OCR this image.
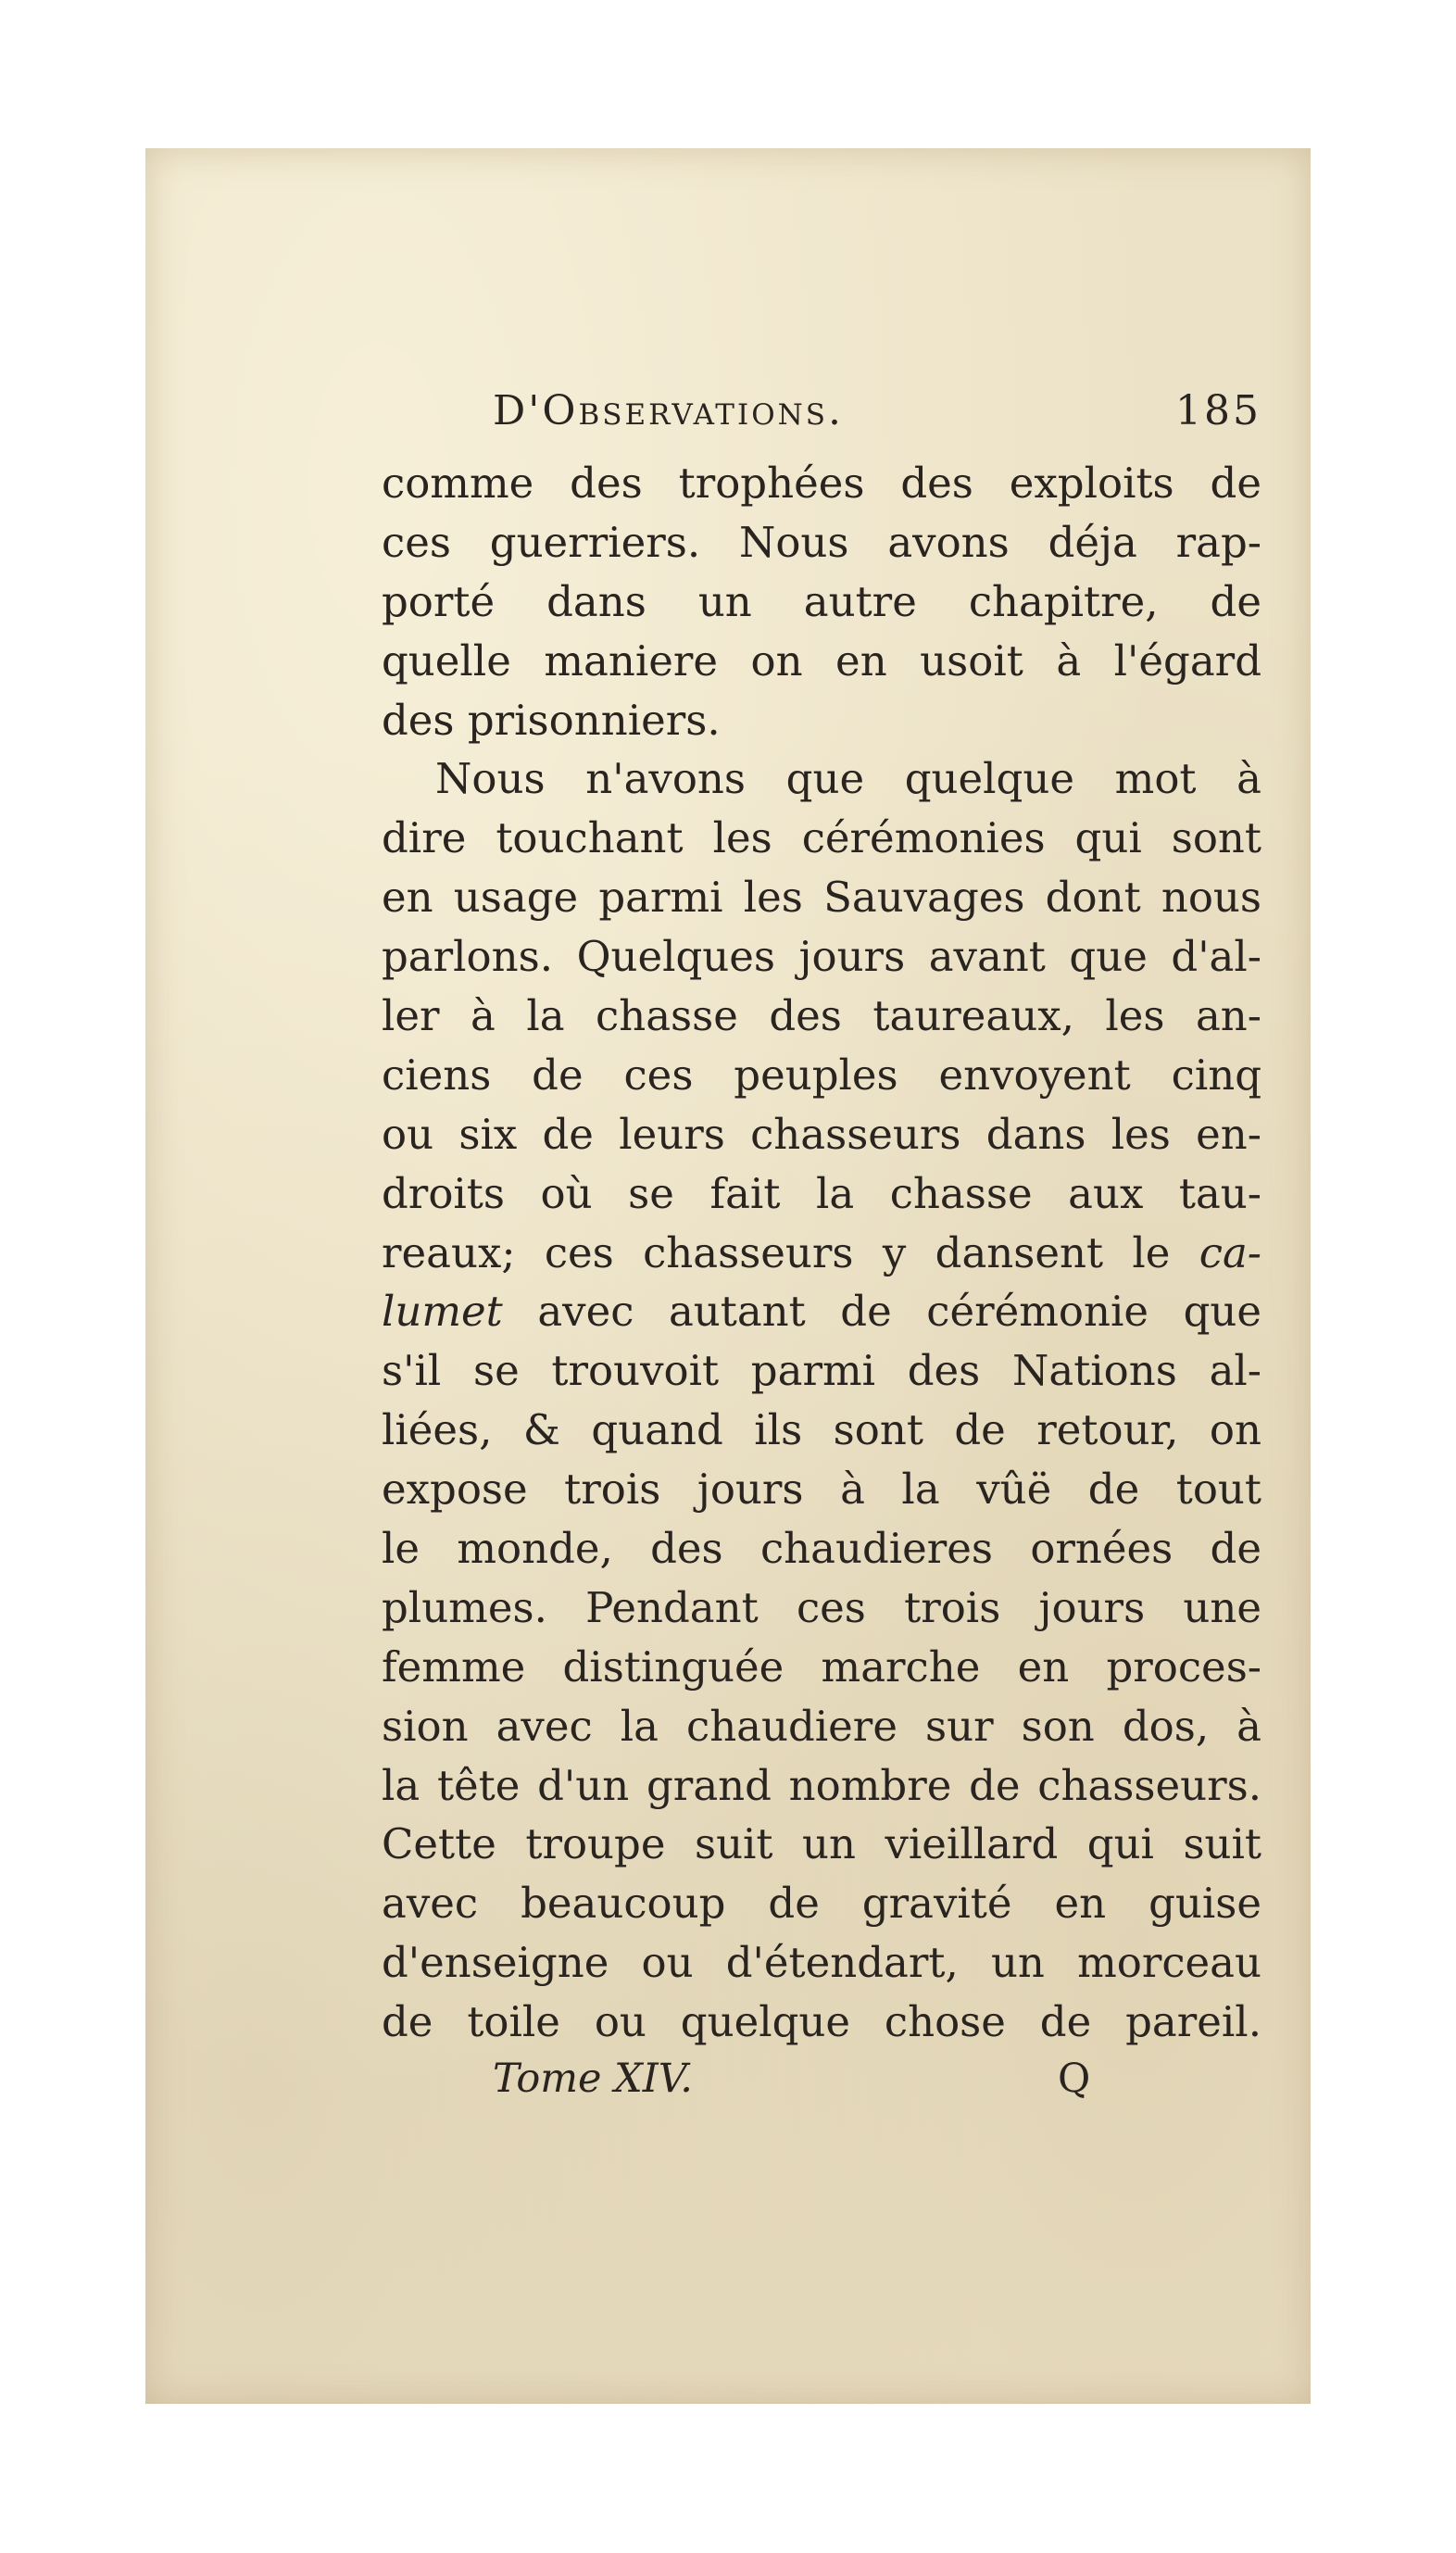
D'Observations.	185
comme des trophées des exploits de
ces guerriers. Nous avons déja rap-
porté dans un autre chapitre, de
quelle maniere on en usoit à l'égard
des prisonniers.
Nous n'avons que quelque mot à
dire touchant les cérémonies qui sont
en usage parmi les Sauvages dont nous
parlons. Quelques jours avant que d'al-
ler à la chasse des taureaux, les an-
ciens de ces peuples envoyent cinq
ou six de leurs chasseurs dans les en-
droits où se fait la chasse aux tau-
reaux; ces chasseurs y dansent le ca-
lumet avec autant de cérémonie que
s'il se trouvoit parmi des Nations al-
liées, & quand ils sont de retour, on
expose trois jours à la vûë de tout
le monde, des chaudieres ornées de
plumes. Pendant ces trois jours une
femme distinguée marche en proces-
sion avec la chaudiere sur son dos, à
la tête d'un grand nombre de chasseurs.
Cette troupe suit un vieillard qui suit
avec beaucoup de gravité en guise
d'enseigne ou d'étendart, un morceau
de toile ou quelque chose de pareil.
Tome XIV.	Q
